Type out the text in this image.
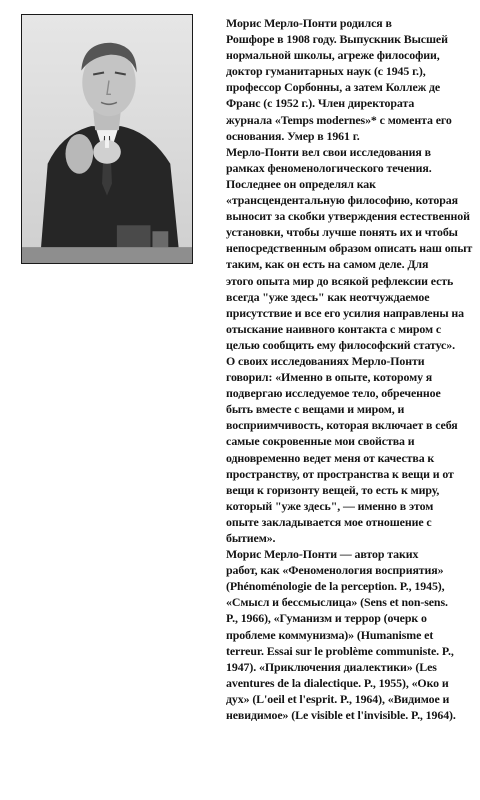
Морис Мерло-Понти родился в
Рошфоре в 1908 году. Выпускник Высшей
нормальной школы, агреже философии,
доктор гуманитарных наук (с 1945 г.),
профессор Сорбонны, а затем Коллеж де
Франс (с 1952 г.). Член директората
журнала «Temps modernes»* с момента его
основания. Умер в 1961 г.

Мерло-Понти вел свои исследования в
рамках феноменологического течения.
Последнее он определял как
«трансцендентальную философию, которая
выносит за скобки утверждения естественной
установки, чтобы лучше понять их и чтобы
непосредственным образом описать наш опыт
таким, как он есть на самом деле. Для
этого опыта мир до всякой рефлексии есть
всегда "уже здесь" как неотчуждаемое
присутствие и все его усилия направлены на
отыскание наивного контакта с миром с
целью сообщить ему философский статус».

О своих исследованиях Мерло-Понти
говорил: «Именно в опыте, которому я
подвергаю исследуемое тело, обреченное
быть вместе с вещами и миром, и
восприимчивость, которая включает в себя
самые сокровенные мои свойства и
одновременно ведет меня от качества к
пространству, от пространства к вещи и от
вещи к горизонту вещей, то есть к миру,
который "уже здесь", — именно в этом
опыте закладывается мое отношение с
бытием».

Морис Мерло-Понти — автор таких
работ, как «Феноменология восприятия»
(Phénoménologie de la perception. P., 1945),
«Смысл и бессмыслица» (Sens et non-sens.
P., 1966), «Гуманизм и террор (очерк о
проблеме коммунизма)» (Humanisme et
terreur. Essai sur le problème communiste. P.,
1947). «Приключения диалектики» (Les
aventures de la dialectique. P., 1955), «Око и
дух» (L'oeil et l'esprit. P., 1964), «Видимое и
невидимое» (Le visible et l'invisible. P., 1964).
